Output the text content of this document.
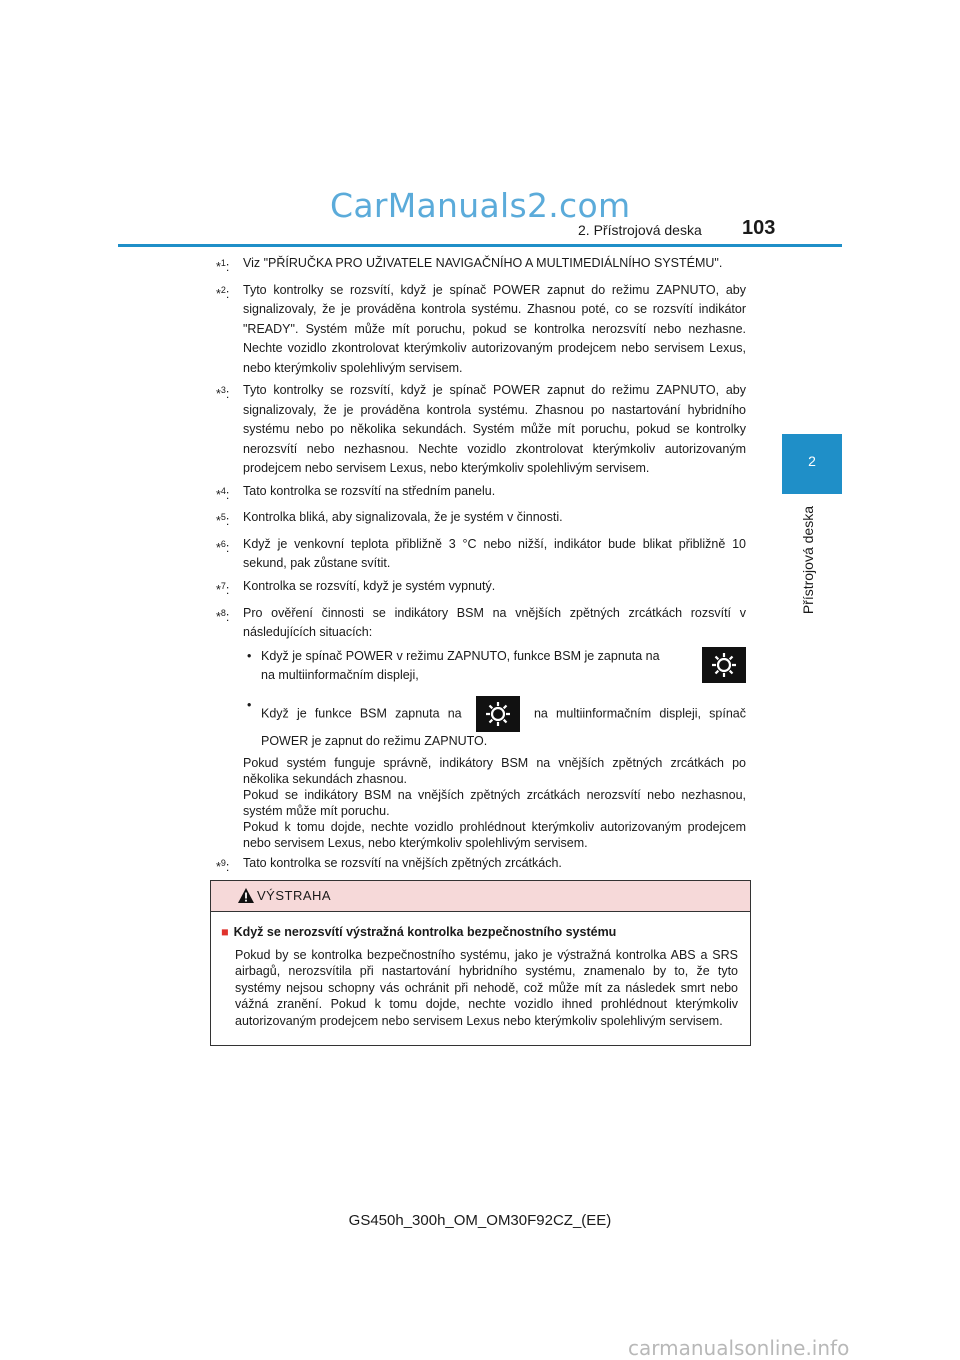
CarManuals2.com
2. Přístrojová deska 103
2
Přístrojová deska
*$^1$:	Viz "PŘÍRUČKA PRO UŽIVATELE NAVIGAČNÍHO A MULTIMEDIÁLNÍHO SYSTÉMU".
*$^2$:	Tyto kontrolky se rozsvítí, když je spínač POWER zapnut do režimu ZAPNUTO, aby signalizovaly, že je prováděna kontrola systému. Zhasnou poté, co se rozsvítí indikátor "READY". Systém může mít poruchu, pokud se kontrolka nerozsvítí nebo nezhasne. Nechte vozidlo zkontrolovat kterýmkoliv autorizovaným prodejcem nebo servisem Lexus, nebo kterýmkoliv spolehlivým servisem.
*$^3$:	Tyto kontrolky se rozsvítí, když je spínač POWER zapnut do režimu ZAPNUTO, aby signalizovaly, že je prováděna kontrola systému. Zhasnou po nastartování hybridního systému nebo po několika sekundách. Systém může mít poruchu, pokud se kontrolky nerozsvítí nebo nezhasnou. Nechte vozidlo zkontrolovat kterýmkoliv autorizovaným prodejcem nebo servisem Lexus, nebo kterýmkoliv spolehlivým servisem.
*$^4$:	Tato kontrolka se rozsvítí na středním panelu.
*$^5$:	Kontrolka bliká, aby signalizovala, že je systém v činnosti.
*$^6$:	Když je venkovní teplota přibližně 3 °C nebo nižší, indikátor bude blikat přibližně 10 sekund, pak zůstane svítit.
*$^7$:	Kontrolka se rozsvítí, když je systém vypnutý.
*$^8$:	Pro ověření činnosti se indikátory BSM na vnějších zpětných zrcátkách rozsvítí v následujících situacích:
• Když je spínač POWER v režimu ZAPNUTO, funkce BSM je zapnuta na
na multiinformačním displeji,
•
Když je funkce BSM zapnuta na	na multiinformačním displeji, spínač POWER je zapnut do režimu ZAPNUTO.
Pokud systém funguje správně, indikátory BSM na vnějších zpětných zrcátkách po několika sekundách zhasnou.
Pokud se indikátory BSM na vnějších zpětných zrcátkách nerozsvítí nebo nezhasnou, systém může mít poruchu.
Pokud k tomu dojde, nechte vozidlo prohlédnout kterýmkoliv autorizovaným prodejcem nebo servisem Lexus, nebo kterýmkoliv spolehlivým servisem.
*$^9$:	Tato kontrolka se rozsvítí na vnějších zpětných zrcátkách.
VÝSTRAHA
■ Když se nerozsvítí výstražná kontrolka bezpečnostního systému
Pokud by se kontrolka bezpečnostního systému, jako je výstražná kontrolka ABS a SRS airbagů, nerozsvítila při nastartování hybridního systému, znamenalo by to, že tyto systémy nejsou schopny vás ochránit při nehodě, což může mít za následek smrt nebo vážná zranění. Pokud k tomu dojde, nechte vozidlo ihned prohlédnout kterýmkoliv autorizovaným prodejcem nebo servisem Lexus nebo kterýmkoliv spolehlivým servisem.
GS450h_300h_OM_OM30F92CZ_(EE)
carmanualsonline.info
